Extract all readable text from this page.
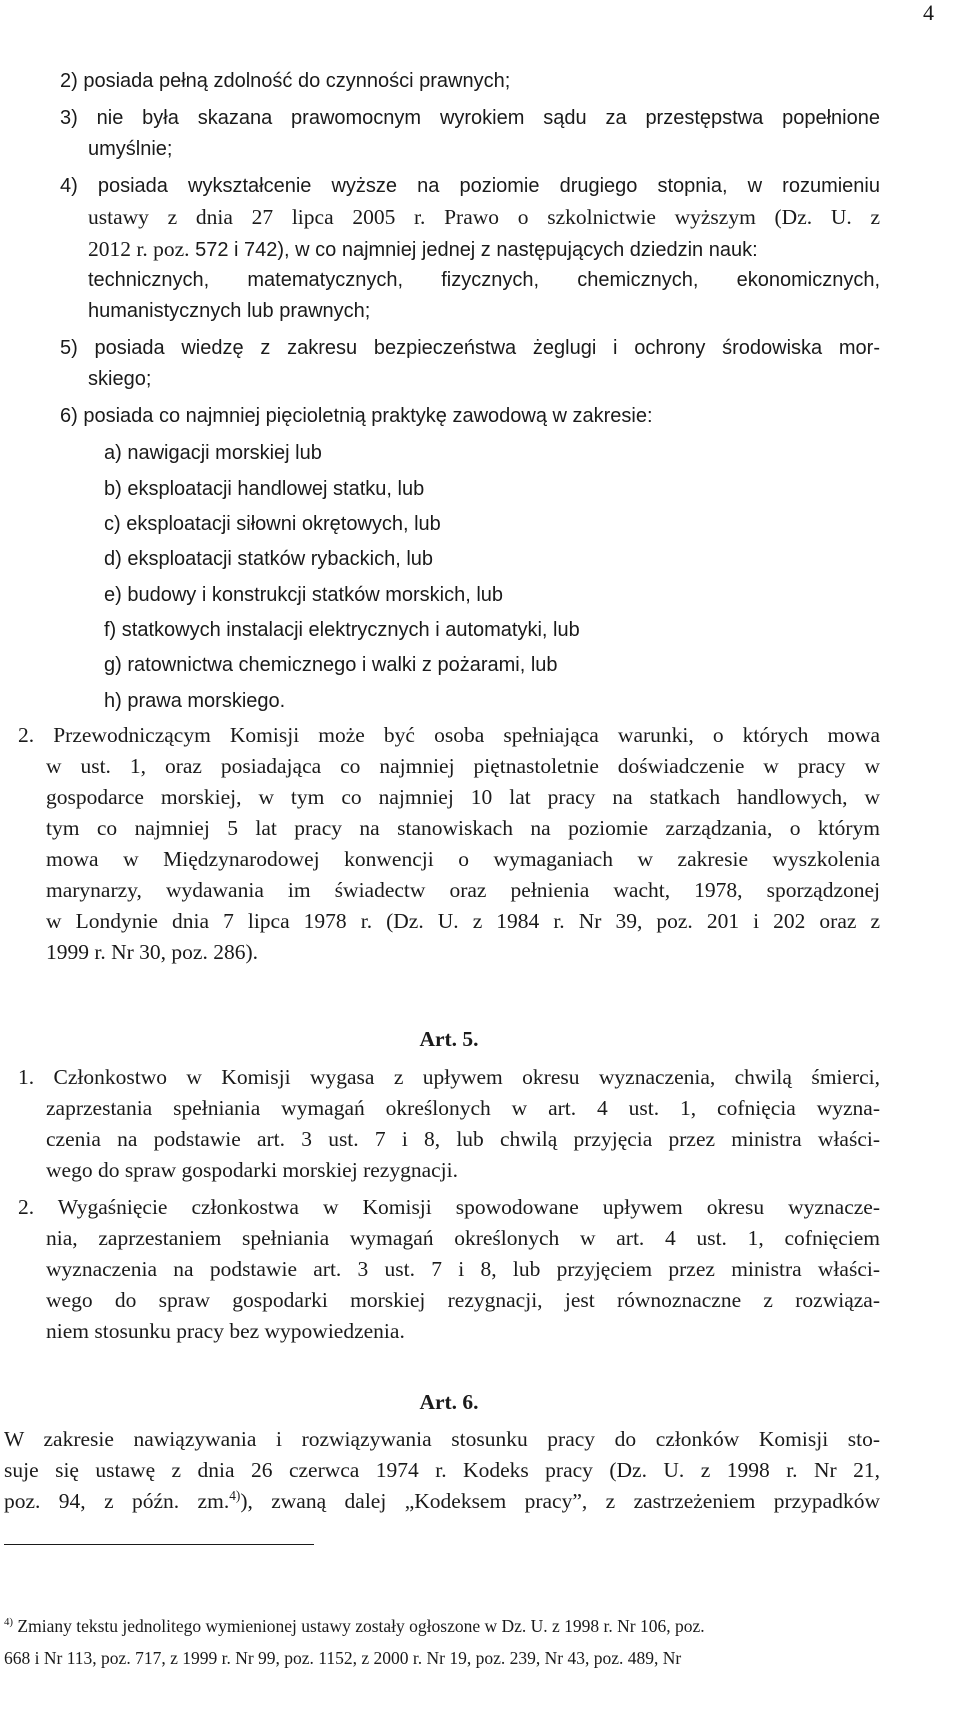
4
2) posiada pełną zdolność do czynności prawnych;
3) nie była skazana prawomocnym wyrokiem sądu za przestępstwa popełnione
umyślnie;
4) posiada wykształcenie wyższe na poziomie drugiego stopnia, w rozumieniu
ustawy z dnia 27 lipca 2005 r. Prawo o szkolnictwie wyższym (Dz. U. z
2012 r. poz. 572 i 742), w co najmniej jednej z następujących dziedzin nauk:
technicznych, matematycznych, fizycznych, chemicznych, ekonomicznych,
humanistycznych lub prawnych;
5) posiada wiedzę z zakresu bezpieczeństwa żeglugi i ochrony środowiska mor-
skiego;
6) posiada co najmniej pięcioletnią praktykę zawodową w zakresie:
a) nawigacji morskiej lub
b) eksploatacji handlowej statku, lub
c) eksploatacji siłowni okrętowych, lub
d) eksploatacji statków rybackich, lub
e) budowy i konstrukcji statków morskich, lub
f) statkowych instalacji elektrycznych i automatyki, lub
g) ratownictwa chemicznego i walki z pożarami, lub
h) prawa morskiego.
2. Przewodniczącym Komisji może być osoba spełniająca warunki, o których mowa
w ust. 1, oraz posiadająca co najmniej piętnastoletnie doświadczenie w pracy w
gospodarce morskiej, w tym co najmniej 10 lat pracy na statkach handlowych, w
tym co najmniej 5 lat pracy na stanowiskach na poziomie zarządzania, o którym
mowa w Międzynarodowej konwencji o wymaganiach w zakresie wyszkolenia
marynarzy, wydawania im świadectw oraz pełnienia wacht, 1978, sporządzonej
w Londynie dnia 7 lipca 1978 r. (Dz. U. z 1984 r. Nr 39, poz. 201 i 202 oraz z
1999 r. Nr 30, poz. 286).
Art. 5.
1. Członkostwo w Komisji wygasa z upływem okresu wyznaczenia, chwilą śmierci,
zaprzestania spełniania wymagań określonych w art. 4 ust. 1, cofnięcia wyzna-
czenia na podstawie art. 3 ust. 7 i 8, lub chwilą przyjęcia przez ministra właści-
wego do spraw gospodarki morskiej rezygnacji.
2. Wygaśnięcie członkostwa w Komisji spowodowane upływem okresu wyznacze-
nia, zaprzestaniem spełniania wymagań określonych w art. 4 ust. 1, cofnięciem
wyznaczenia na podstawie art. 3 ust. 7 i 8, lub przyjęciem przez ministra właści-
wego do spraw gospodarki morskiej rezygnacji, jest równoznaczne z rozwiąza-
niem stosunku pracy bez wypowiedzenia.
Art. 6.
W zakresie nawiązywania i rozwiązywania stosunku pracy do członków Komisji sto-
suje się ustawę z dnia 26 czerwca 1974 r. Kodeks pracy (Dz. U. z 1998 r. Nr 21,
poz. 94, z późn. zm.$^{4)}$), zwaną dalej „Kodeksem pracy”, z zastrzeżeniem przypadków
$^{4)}$ Zmiany tekstu jednolitego wymienionej ustawy zostały ogłoszone w Dz. U. z 1998 r. Nr 106, poz.
668 i Nr 113, poz. 717, z 1999 r. Nr 99, poz. 1152, z 2000 r. Nr 19, poz. 239, Nr 43, poz. 489, Nr
